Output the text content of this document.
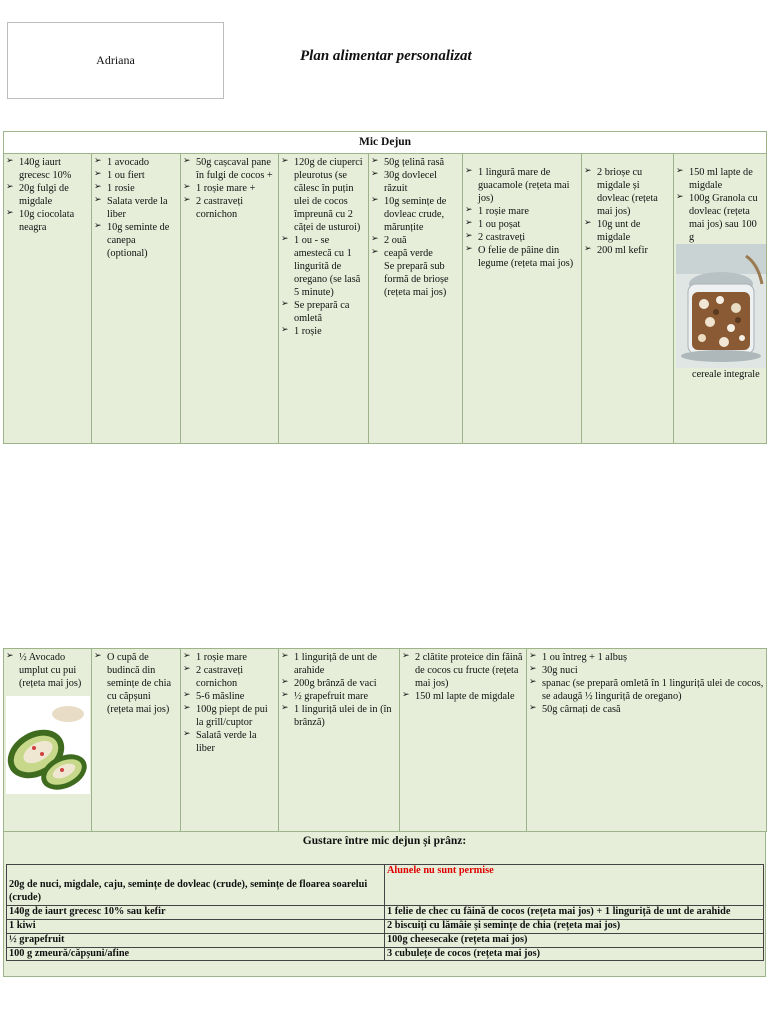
Adriana	Plan alimentar personalizat
Mic Dejun

➢ 140g iaurt grecesc 10%
➢ 20g fulgi de migdale
➢ 10g ciocolata neagra

➢ 1 avocado
➢ 1 ou fiert
➢ 1 rosie
➢ Salata verde la liber
➢ 10g seminte de canepa (optional)

➢ 50g cașcaval pane în fulgi de cocos +
➢ 1 roșie mare +
➢ 2 castraveți cornichon

➢ 120g de ciuperci pleurotus (se călesc în puțin ulei de cocos împreună cu 2 căței de usturoi)
➢ 1 ou - se amestecă cu 1 lingurită de oregano (se lasă 5 minute)
➢ Se prepară ca omletă
➢ 1 roșie

➢ 50g țelină rasă
➢ 30g dovlecel răzuit
➢ 10g semințe de dovleac crude, mărunțite
➢ 2 ouă
➢ ceapă verde
Se prepară sub formă de brioșe (rețeta mai jos)

➢ 1 lingură mare de guacamole (rețeta mai jos)
➢ 1 roșie mare
➢ 1 ou poșat
➢ 2 castraveți
➢ O felie de pâine din legume (rețeta mai jos)

➢ 2 brioșe cu migdale și dovleac (rețeta mai jos)
➢ 10g unt de migdale
➢ 200 ml kefir

➢ 150 ml lapte de migdale
➢ 100g Granola cu dovleac (rețeta mai jos) sau 100 g
cereale integrale
➢ ½ Avocado umplut cu pui (rețeta mai jos)

➢ O cupă de budincă din semințe de chia cu căpșuni (rețeta mai jos)

➢ 1 roșie mare
➢ 2 castraveți cornichon
➢ 5-6 măsline
➢ 100g piept de pui la grill/cuptor
➢ Salată verde la liber

➢ 1 linguriță de unt de arahide
➢ 200g brânză de vaci
➢ ½ grapefruit mare
➢ 1 linguriță ulei de in (în brânză)

➢ 2 clătite proteice din făină de cocos cu fructe (rețeta mai jos)
➢ 150 ml lapte de migdale

➢ 1 ou întreg + 1 albuș
➢ 30g nuci
➢ spanac (se prepară omletă în 1 linguriță ulei de cocos, se adaugă ½ linguriță de oregano)
➢ 50g cârnați de casă
Gustare între mic dejun și prânz:
20g de nuci, migdale, caju, semințe de dovleac (crude), semințe de floarea soarelui (crude)	Alunele nu sunt permise
140g de iaurt grecesc 10% sau kefir	1 felie de chec cu făină de cocos (rețeta mai jos) + 1 linguriță de unt de arahide
1 kiwi	2 biscuiți cu lămâie și semințe de chia (rețeta mai jos)
½ grapefruit	100g cheesecake (rețeta mai jos)
100 g zmeură/căpșuni/afine	3 cubulețe de cocos (rețeta mai jos)
